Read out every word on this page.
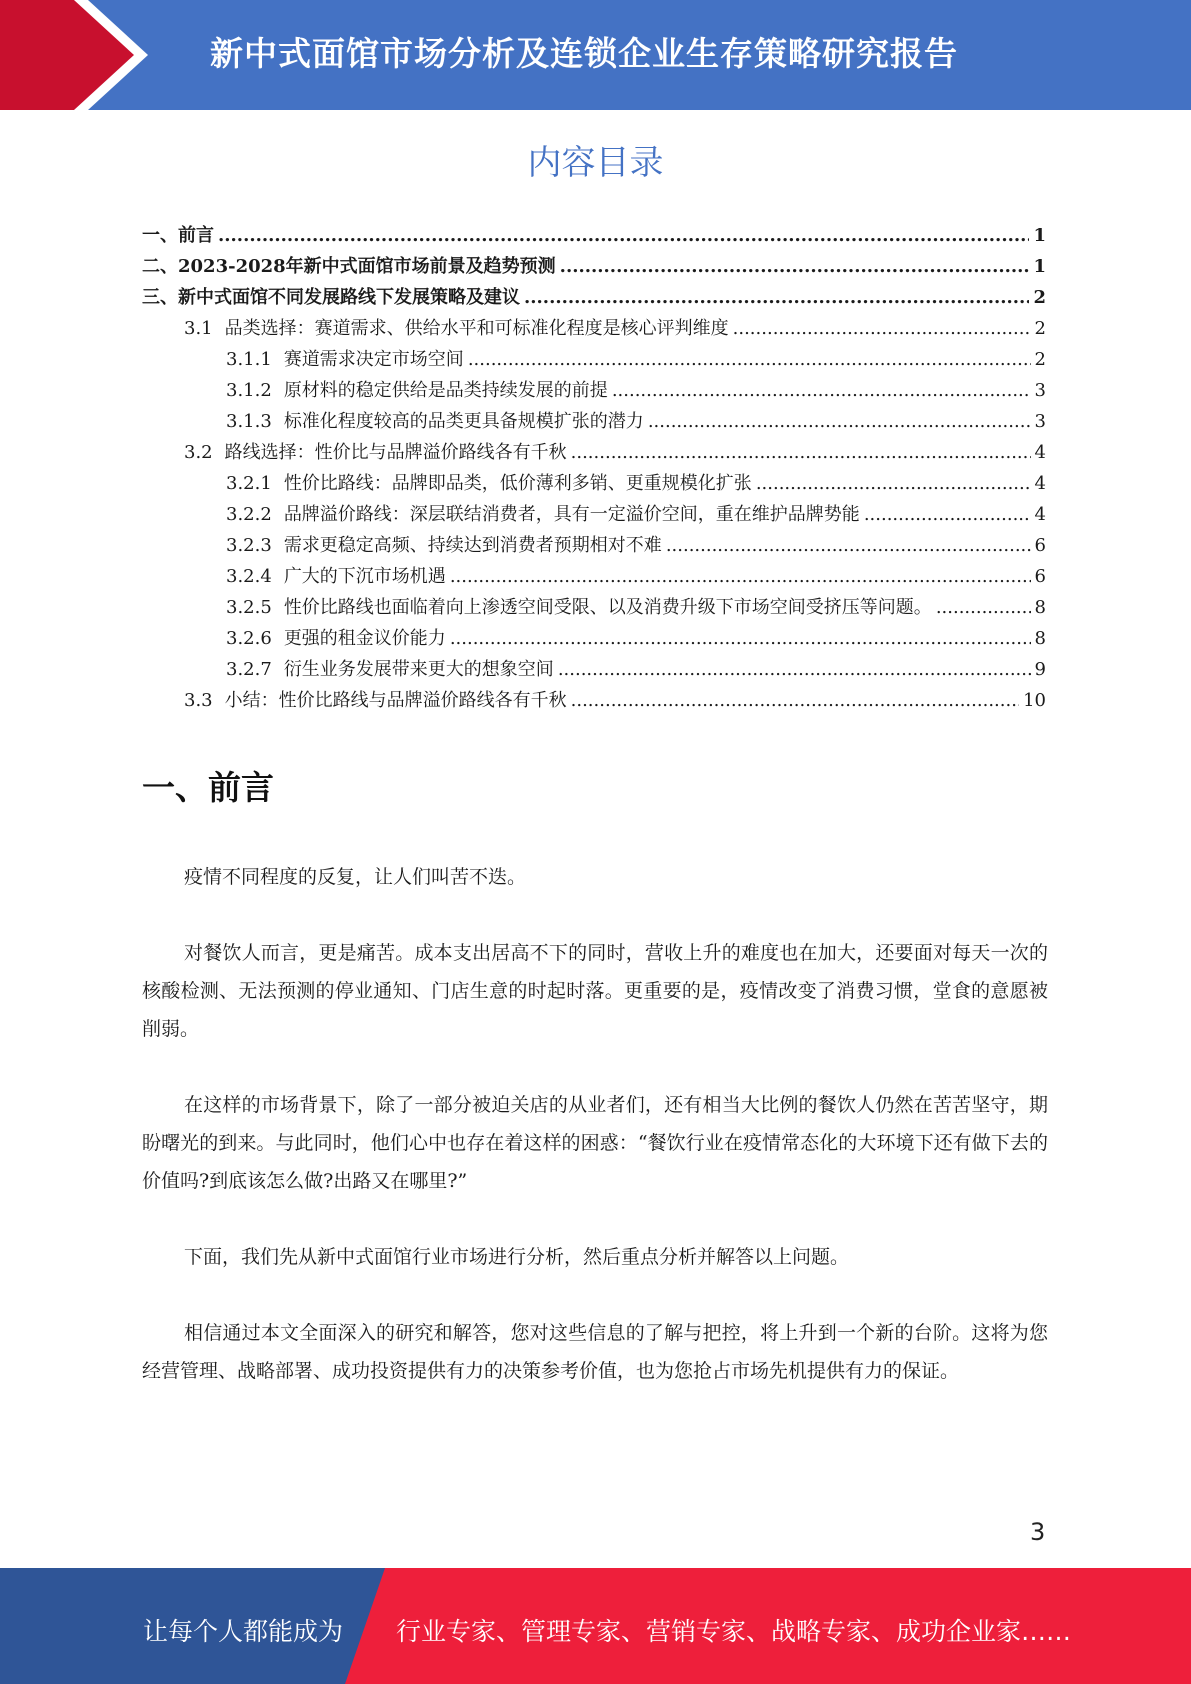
新中式面馆市场分析及连锁企业生存策略研究报告
内容目录
一、 前言 .....	1
二、 2023-2028年新中式面馆市场前景及趋势预测 .....	1
三、 新中式面馆不同发展路线下发展策略及建议 .....	2
3.1 品类选择：赛道需求、供给水平和可标准化程度是核心评判维度 .....	2
3.1.1 赛道需求决定市场空间 .....	2
3.1.2 原材料的稳定供给是品类持续发展的前提 .....	3
3.1.3 标准化程度较高的品类更具备规模扩张的潜力 .....	3
3.2 路线选择：性价比与品牌溢价路线各有千秋 .....	4
3.2.1 性价比路线：品牌即品类，低价薄利多销、更重规模化扩张 .....	4
3.2.2 品牌溢价路线：深层联结消费者，具有一定溢价空间，重在维护品牌势能 .....	4
3.2.3 需求更稳定高频、持续达到消费者预期相对不难 .....	6
3.2.4 广大的下沉市场机遇 .....	6
3.2.5 性价比路线也面临着向上渗透空间受限、以及消费升级下市场空间受挤压等问题。 .....	8
3.2.6 更强的租金议价能力 .....	8
3.2.7 衍生业务发展带来更大的想象空间 .....	9
3.3 小结：性价比路线与品牌溢价路线各有千秋 .....	10
一、前言

疫情不同程度的反复，让人们叫苦不迭。

对餐饮人而言，更是痛苦。成本支出居高不下的同时，营收上升的难度也在加大，还要面对每天一次的核酸检测、无法预测的停业通知、门店生意的时起时落。更重要的是，疫情改变了消费习惯，堂食的意愿被削弱。

在这样的市场背景下，除了一部分被迫关店的从业者们，还有相当大比例的餐饮人仍然在苦苦坚守，期盼曙光的到来。与此同时，他们心中也存在着这样的困惑：“餐饮行业在疫情常态化的大环境下还有做下去的价值吗?到底该怎么做?出路又在哪里?”

下面，我们先从新中式面馆行业市场进行分析，然后重点分析并解答以上问题。

相信通过本文全面深入的研究和解答，您对这些信息的了解与把控，将上升到一个新的台阶。这将为您经营管理、战略部署、成功投资提供有力的决策参考价值，也为您抢占市场先机提供有力的保证。

3
让每个人都能成为 行业专家、管理专家、营销专家、战略专家、成功企业家……
